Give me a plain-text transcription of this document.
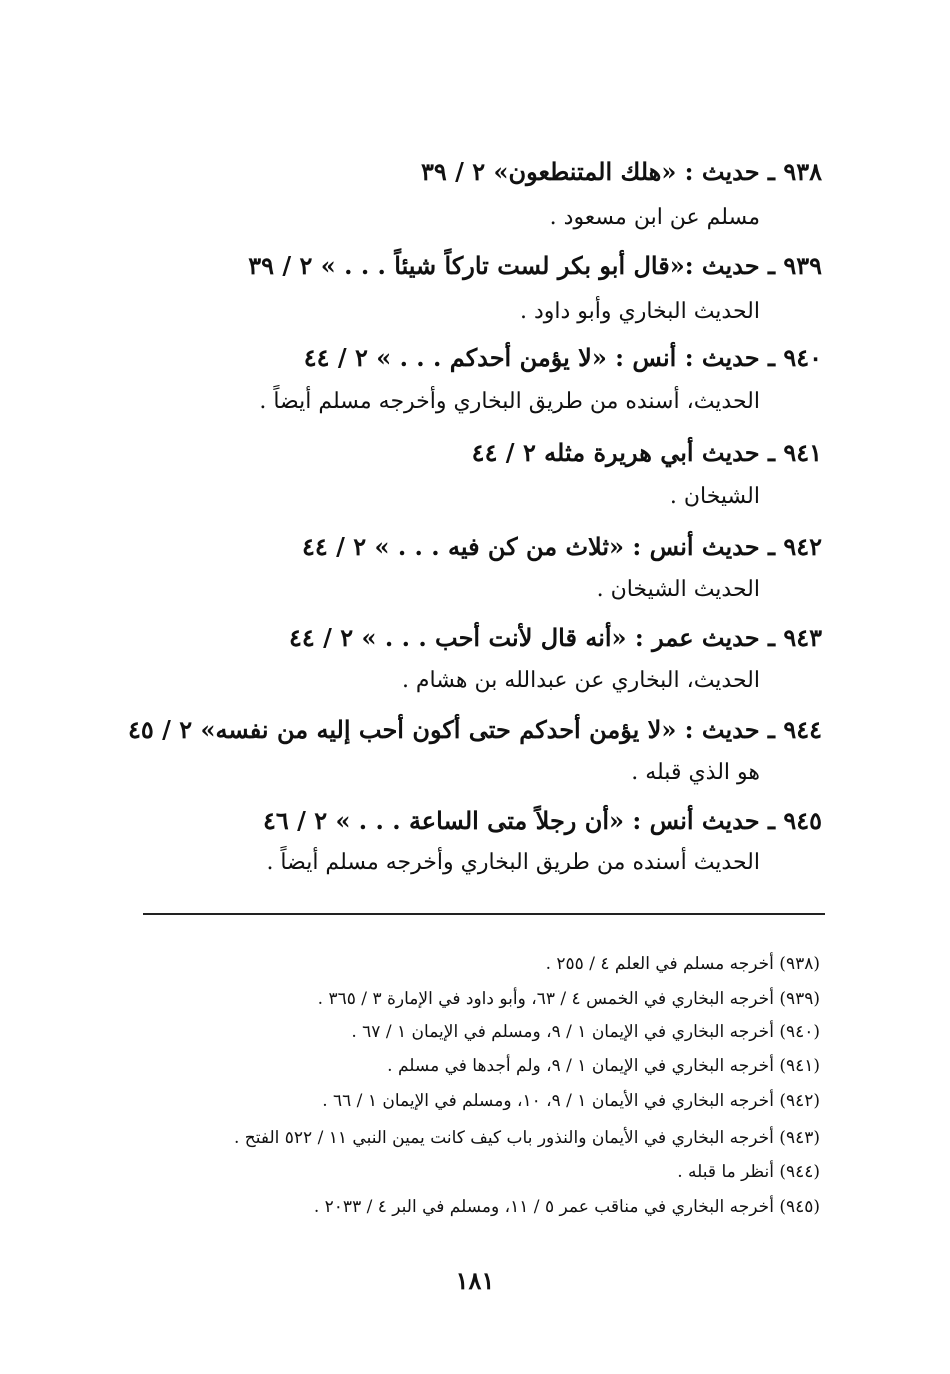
٩٣٨ ـ حديث : «هلك المتنطعون» ٢ / ٣٩
مسلم عن ابن مسعود .
٩٣٩ ـ حديث :«قال أبو بكر لست تاركاً شيئاً . . . » ٢ / ٣٩
الحديث البخاري وأبو داود .
٩٤٠ ـ حديث : أنس : «لا يؤمن أحدكم . . . » ٢ / ٤٤
الحديث، أسنده من طريق البخاري وأخرجه مسلم أيضاً .
٩٤١ ـ حديث أبي هريرة مثله ٢ / ٤٤
الشيخان .
٩٤٢ ـ حديث أنس : «ثلاث من كن فيه . . . » ٢ / ٤٤
الحديث الشيخان .
٩٤٣ ـ حديث عمر : «أنه قال لأنت أحب . . . » ٢ / ٤٤
الحديث، البخاري عن عبدالله بن هشام .
٩٤٤ ـ حديث : «لا يؤمن أحدكم حتى أكون أحب إليه من نفسه» ٢ / ٤٥
هو الذي قبله .
٩٤٥ ـ حديث أنس : «أن رجلاً متى الساعة . . . » ٢ / ٤٦
الحديث أسنده من طريق البخاري وأخرجه مسلم أيضاً .
(٩٣٨) أخرجه مسلم في العلم ٤ / ٢٥٥ .
(٩٣٩) أخرجه البخاري في الخمس ٤ / ٦٣، وأبو داود في الإمارة ٣ / ٣٦٥ .
(٩٤٠) أخرجه البخاري في الإيمان ١ / ٩، ومسلم في الإيمان ١ / ٦٧ .
(٩٤١) أخرجه البخاري في الإيمان ١ / ٩، ولم أجدها في مسلم .
(٩٤٢) أخرجه البخاري في الأيمان ١ / ٩، ١٠، ومسلم في الإيمان ١ / ٦٦ .
(٩٤٣) أخرجه البخاري في الأيمان والنذور باب كيف كانت يمين النبي ١١ / ٥٢٢ الفتح .
(٩٤٤) أنظر ما قبله .
(٩٤٥) أخرجه البخاري في مناقب عمر ٥ / ١١، ومسلم في البر ٤ / ٢٠٣٣ .
١٨١
